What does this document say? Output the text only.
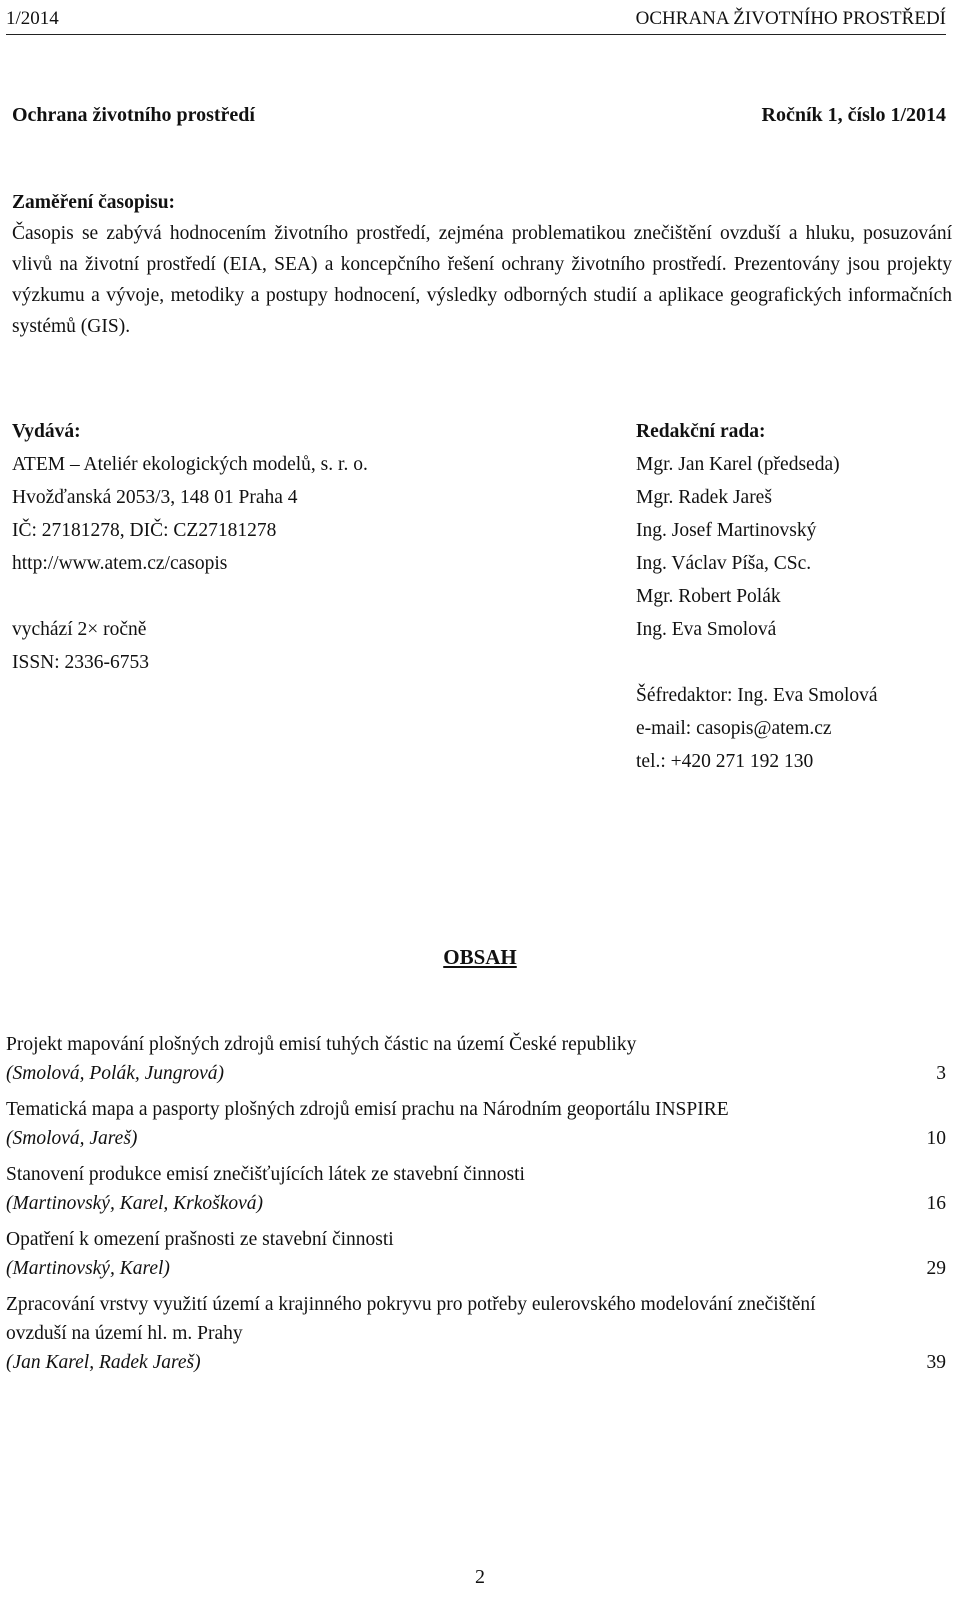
1/2014	OCHRANA ŽIVOTNÍHO PROSTŘEDÍ
Ochrana životního prostředí	Ročník 1, číslo 1/2014
Zaměření časopisu:

Časopis se zabývá hodnocením životního prostředí, zejména problematikou znečištění ovzduší a hluku, posuzování vlivů na životní prostředí (EIA, SEA) a koncepčního řešení ochrany životního prostředí. Prezentovány jsou projekty výzkumu a vývoje, metodiky a postupy hodnocení, výsledky odborných studií a aplikace geografických informačních systémů (GIS).

Vydává:
ATEM – Ateliér ekologických modelů, s. r. o.
Hvožďanská 2053/3, 148 01 Praha 4
IČ: 27181278, DIČ: CZ27181278
http://www.atem.cz/casopis
vychází 2× ročně
ISSN: 2336-6753
Redakční rada:
Mgr. Jan Karel (předseda)
Mgr. Radek Jareš
Ing. Josef Martinovský
Ing. Václav Píša, CSc.
Mgr. Robert Polák
Ing. Eva Smolová
Šéfredaktor: Ing. Eva Smolová
e-mail: casopis@atem.cz
tel.: +420 271 192 130
OBSAH
Projekt mapování plošných zdrojů emisí tuhých částic na území České republiky
(Smolová, Polák, Jungrová)	3
Tematická mapa a pasporty plošných zdrojů emisí prachu na Národním geoportálu INSPIRE
(Smolová, Jareš)	10
Stanovení produkce emisí znečišťujících látek ze stavební činnosti
(Martinovský, Karel, Krkošková)	16
Opatření k omezení prašnosti ze stavební činnosti
(Martinovský, Karel)	29
Zpracování vrstvy využití území a krajinného pokryvu pro potřeby eulerovského modelování znečištění ovzduší na území hl. m. Prahy
(Jan Karel, Radek Jareš)	39
2
